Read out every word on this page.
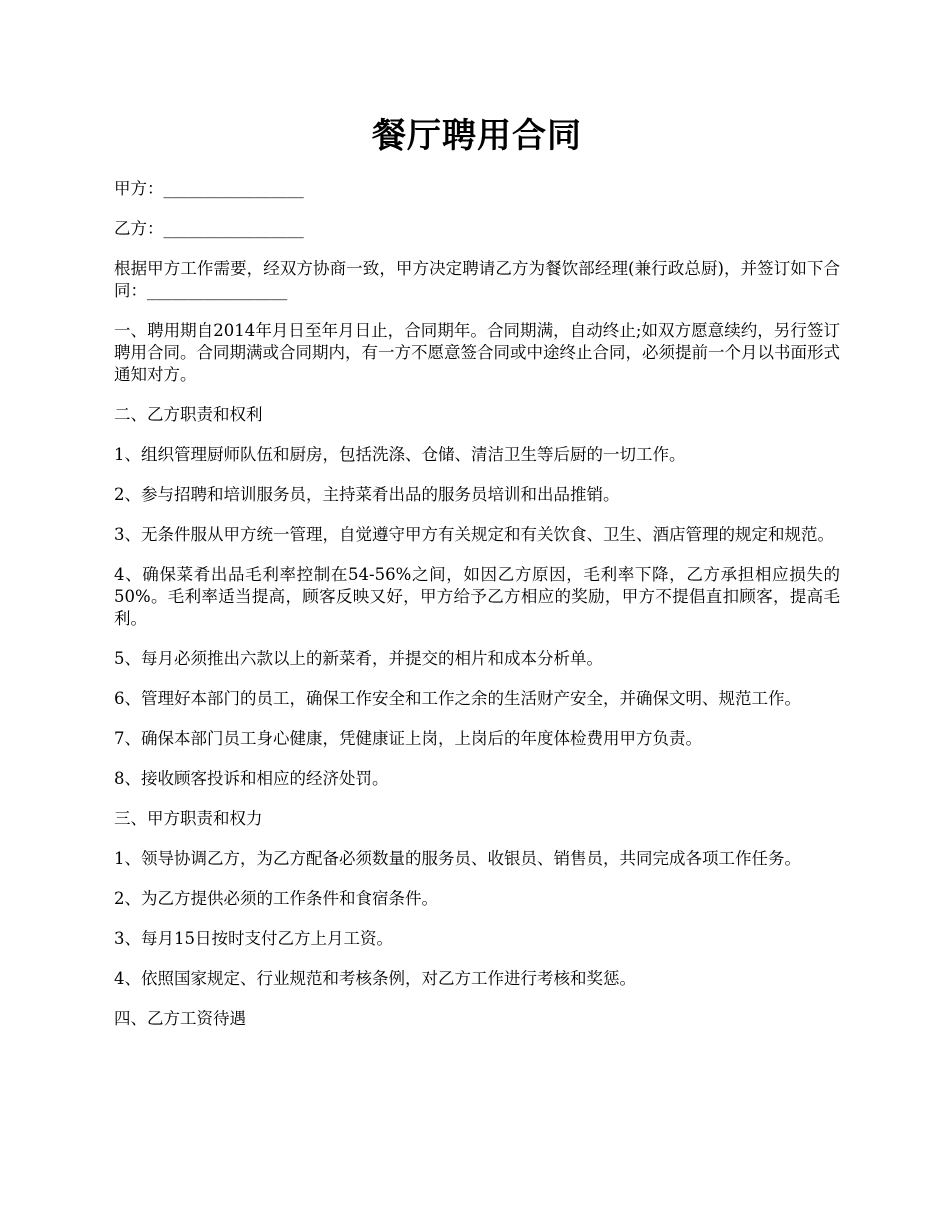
餐厅聘用合同

甲方：_________________

乙方：_________________

根据甲方工作需要，经双方协商一致，甲方决定聘请乙方为餐饮部经理(兼行政总厨)，并签订如下合同：_________________

一、聘用期自2014年月日至年月日止，合同期年。合同期满，自动终止;如双方愿意续约，另行签订聘用合同。合同期满或合同期内，有一方不愿意签合同或中途终止合同，必须提前一个月以书面形式通知对方。

二、乙方职责和权利

1、组织管理厨师队伍和厨房，包括洗涤、仓储、清洁卫生等后厨的一切工作。

2、参与招聘和培训服务员，主持菜肴出品的服务员培训和出品推销。

3、无条件服从甲方统一管理，自觉遵守甲方有关规定和有关饮食、卫生、酒店管理的规定和规范。

4、确保菜肴出品毛利率控制在54-56%之间，如因乙方原因，毛利率下降，乙方承担相应损失的50%。毛利率适当提高，顾客反映又好，甲方给予乙方相应的奖励，甲方不提倡直扣顾客，提高毛利。

5、每月必须推出六款以上的新菜肴，并提交的相片和成本分析单。

6、管理好本部门的员工，确保工作安全和工作之余的生活财产安全，并确保文明、规范工作。

7、确保本部门员工身心健康，凭健康证上岗，上岗后的年度体检费用甲方负责。

8、接收顾客投诉和相应的经济处罚。

三、甲方职责和权力

1、领导协调乙方，为乙方配备必须数量的服务员、收银员、销售员，共同完成各项工作任务。

2、为乙方提供必须的工作条件和食宿条件。

3、每月15日按时支付乙方上月工资。

4、依照国家规定、行业规范和考核条例，对乙方工作进行考核和奖惩。

四、乙方工资待遇
